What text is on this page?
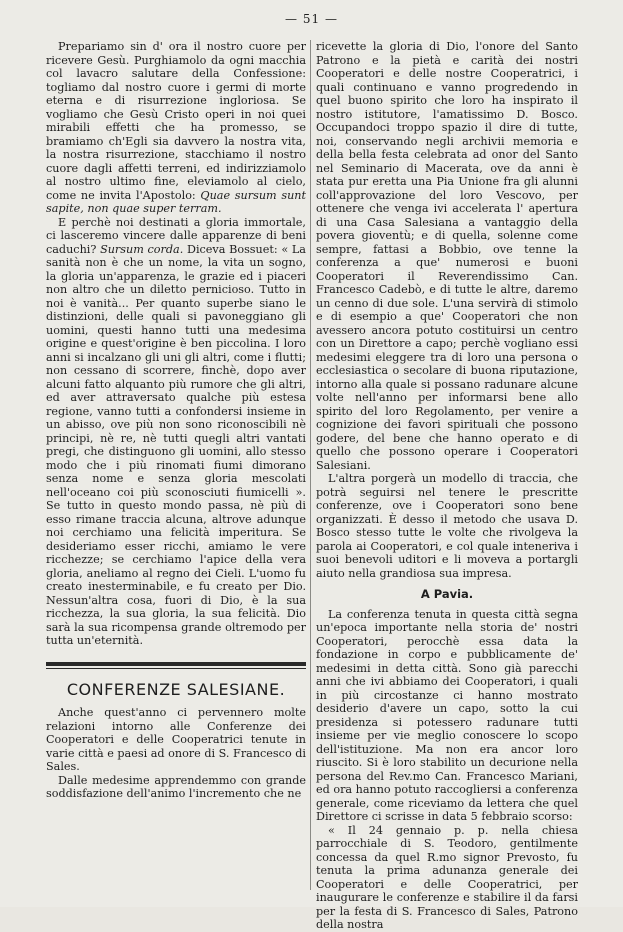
— 51 —

Prepariamo sin d' ora il nostro cuore per ricevere Gesù. Purghiamolo da ogni macchia col lavacro salutare della Confessione: togliamo dal nostro cuore i germi di morte eterna e di risurrezione ingloriosa. Se vogliamo che Gesù Cristo operi in noi quei mirabili effetti che ha promesso, se bramiamo ch'Egli sia davvero la nostra vita, la nostra risurrezione, stacchiamo il nostro cuore dagli affetti terreni, ed indirizziamolo al nostro ultimo fine, eleviamolo al cielo, come ne invita l'Apostolo: Quae sursum sunt sapite, non quae super terram.

E perchè noi destinati a gloria immortale, ci lasceremo vincere dalle apparenze di beni caduchi? Sursum corda. Diceva Bossuet: « La sanità non è che un nome, la vita un sogno, la gloria un'apparenza, le grazie ed i piaceri non altro che un diletto pernicioso. Tutto in noi è vanità... Per quanto superbe siano le distinzioni, delle quali si pavoneggiano gli uomini, questi hanno tutti una medesima origine e quest'origine è ben piccolina. I loro anni si incalzano gli uni gli altri, come i flutti; non cessano di scorrere, finchè, dopo aver alcuni fatto alquanto più rumore che gli altri, ed aver attraversato qualche più estesa regione, vanno tutti a confondersi insieme in un abisso, ove più non sono riconoscibili nè principi, nè re, nè tutti quegli altri vantati pregi, che distinguono gli uomini, allo stesso modo che i più rinomati fiumi dimorano senza nome e senza gloria mescolati nell'oceano coi più sconosciuti fiumicelli ». Se tutto in questo mondo passa, nè più di esso rimane traccia alcuna, altrove adunque noi cerchiamo una felicità imperitura. Se desideriamo esser ricchi, amiamo le vere ricchezze; se cerchiamo l'apice della vera gloria, aneliamo al regno dei Cieli. L'uomo fu creato inesterminabile, e fu creato per Dio. Nessun'altra cosa, fuori di Dio, è la sua ricchezza, la sua gloria, la sua felicità. Dio sarà la sua ricompensa grande oltremodo per tutta un'eternità.

CONFERENZE SALESIANE.

Anche quest'anno ci pervennero molte relazioni intorno alle Conferenze dei Cooperatori e delle Cooperatrici tenute in varie città e paesi ad onore di S. Francesco di Sales.

Dalle medesime apprendemmo con grande soddisfazione dell'animo l'incremento che ne

ricevette la gloria di Dio, l'onore del Santo Patrono e la pietà e carità dei nostri Cooperatori e delle nostre Cooperatrici, i quali continuano e vanno progredendo in quel buono spirito che loro ha inspirato il nostro istitutore, l'amatissimo D. Bosco. Occupandoci troppo spazio il dire di tutte, noi, conservando negli archivii memoria e della bella festa celebrata ad onor del Santo nel Seminario di Macerata, ove da anni è stata pur eretta una Pia Unione fra gli alunni coll'approvazione del loro Vescovo, per ottenere che venga ivi accelerata l' apertura di una Casa Salesiana a vantaggio della povera gioventù; e di quella, solenne come sempre, fattasi a Bobbio, ove tenne la conferenza a que' numerosi e buoni Cooperatori il Reverendissimo Can. Francesco Cadebò, e di tutte le altre, daremo un cenno di due sole. L'una servirà di stimolo e di esempio a que' Cooperatori che non avessero ancora potuto costituirsi un centro con un Direttore a capo; perchè vogliano essi medesimi eleggere tra di loro una persona o ecclesiastica o secolare di buona riputazione, intorno alla quale si possano radunare alcune volte nell'anno per informarsi bene allo spirito del loro Regolamento, per venire a cognizione dei favori spirituali che possono godere, del bene che hanno operato e di quello che possono operare i Cooperatori Salesiani.

L'altra porgerà un modello di traccia, che potrà seguirsi nel tenere le prescritte conferenze, ove i Cooperatori sono bene organizzati. È desso il metodo che usava D. Bosco stesso tutte le volte che rivolgeva la parola ai Cooperatori, e col quale inteneriva i suoi benevoli uditori e li moveva a portargli aiuto nella grandiosa sua impresa.

A Pavia.

La conferenza tenuta in questa città segna un'epoca importante nella storia de' nostri Cooperatori, perocchè essa data la fondazione in corpo e pubblicamente de' medesimi in detta città. Sono già parecchi anni che ivi abbiamo dei Cooperatori, i quali in più circostanze ci hanno mostrato desiderio d'avere un capo, sotto la cui presidenza si potessero radunare tutti insieme per vie meglio conoscere lo scopo dell'istituzione. Ma non era ancor loro riuscito. Si è loro stabilito un decurione nella persona del Rev.mo Can. Francesco Mariani, ed ora hanno potuto raccogliersi a conferenza generale, come riceviamo da lettera che quel Direttore ci scrisse in data 5 febbraio scorso:

« Il 24 gennaio p. p. nella chiesa parrocchiale di S. Teodoro, gentilmente concessa da quel R.mo signor Prevosto, fu tenuta la prima adunanza generale dei Cooperatori e delle Cooperatrici, per inaugurare le conferenze e stabilire il da farsi per la festa di S. Francesco di Sales, Patrono della nostra
